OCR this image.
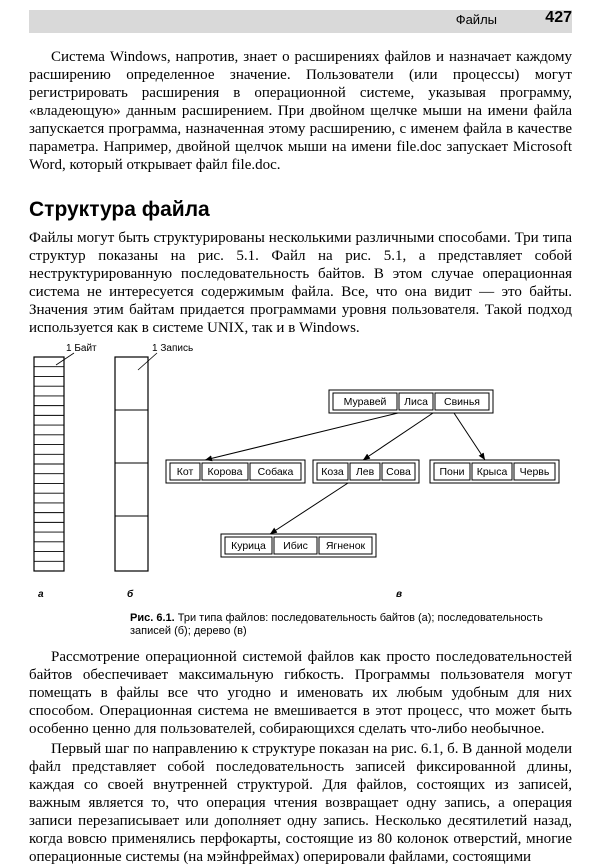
Файлы	427

Система Windows, напротив, знает о расширениях файлов и назначает каждому расширению определенное значение. Пользователи (или процессы) могут регистрировать расширения в операционной системе, указывая программу, «владеющую» данным расширением. При двойном щелчке мыши на имени файла запускается программа, назначенная этому расширению, с именем файла в качестве параметра. Например, двойной щелчок мыши на имени file.doc запускает Microsoft Word, который открывает файл file.doc.

Структура файла

Файлы могут быть структурированы несколькими различными способами. Три типа структур показаны на рис. 5.1. Файл на рис. 5.1, а представляет собой неструктурированную последовательность байтов. В этом случае операционная система не интересуется содержимым файла. Все, что она видит — это байты. Значения этим байтам придается программами уровня пользователя. Такой подход используется как в системе UNIX, так и в Windows.

1 Байт	1 Запись
Муравей Лиса Свинья
Кот Корова Собака	Коза Лев Сова	Пони Крыса Червь
Курица Ибис Ягненок
а	б	в
Рис. 6.1. Три типа файлов: последовательность байтов (а); последовательность записей (б); дерево (в)

Рассмотрение операционной системой файлов как просто последовательностей байтов обеспечивает максимальную гибкость. Программы пользователя могут помещать в файлы все что угодно и именовать их любым удобным для них способом. Операционная система не вмешивается в этот процесс, что может быть особенно ценно для пользователей, собирающихся сделать что-либо необычное.

Первый шаг по направлению к структуре показан на рис. 6.1, б. В данной модели файл представляет собой последовательность записей фиксированной длины, каждая со своей внутренней структурой. Для файлов, состоящих из записей, важным является то, что операция чтения возвращает одну запись, а операция записи перезаписывает или дополняет одну запись. Несколько десятилетий назад, когда вовсю применялись перфокарты, состоящие из 80 колонок отверстий, многие операционные системы (на мэйнфреймах) оперировали файлами, состоящими
